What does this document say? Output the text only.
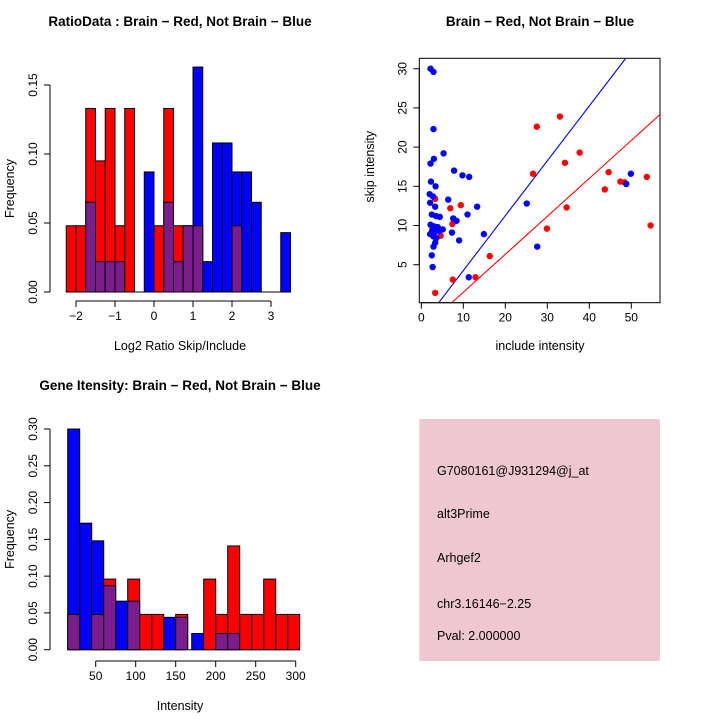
−2 −1 0	1	2	3
Log2 Ratio Skip/Include
0.00
0.05
0.10
0.15
Frequency
RatioData : Brain − Red, Not Brain − Blue
0	10 20 30 40 50
include intensity
5
10
15
20
25
30
skip intensity
Brain − Red, Not Brain − Blue
50 100 150 200 250 300
Intensity
0.00
0.05
0.10
0.15
0.20
0.25
0.30
Frequency
Gene Itensity: Brain − Red, Not Brain − Blue
G7080161@J931294@j_at
alt3Prime
Arhgef2
chr3.16146−2.25
Pval: 2.000000
